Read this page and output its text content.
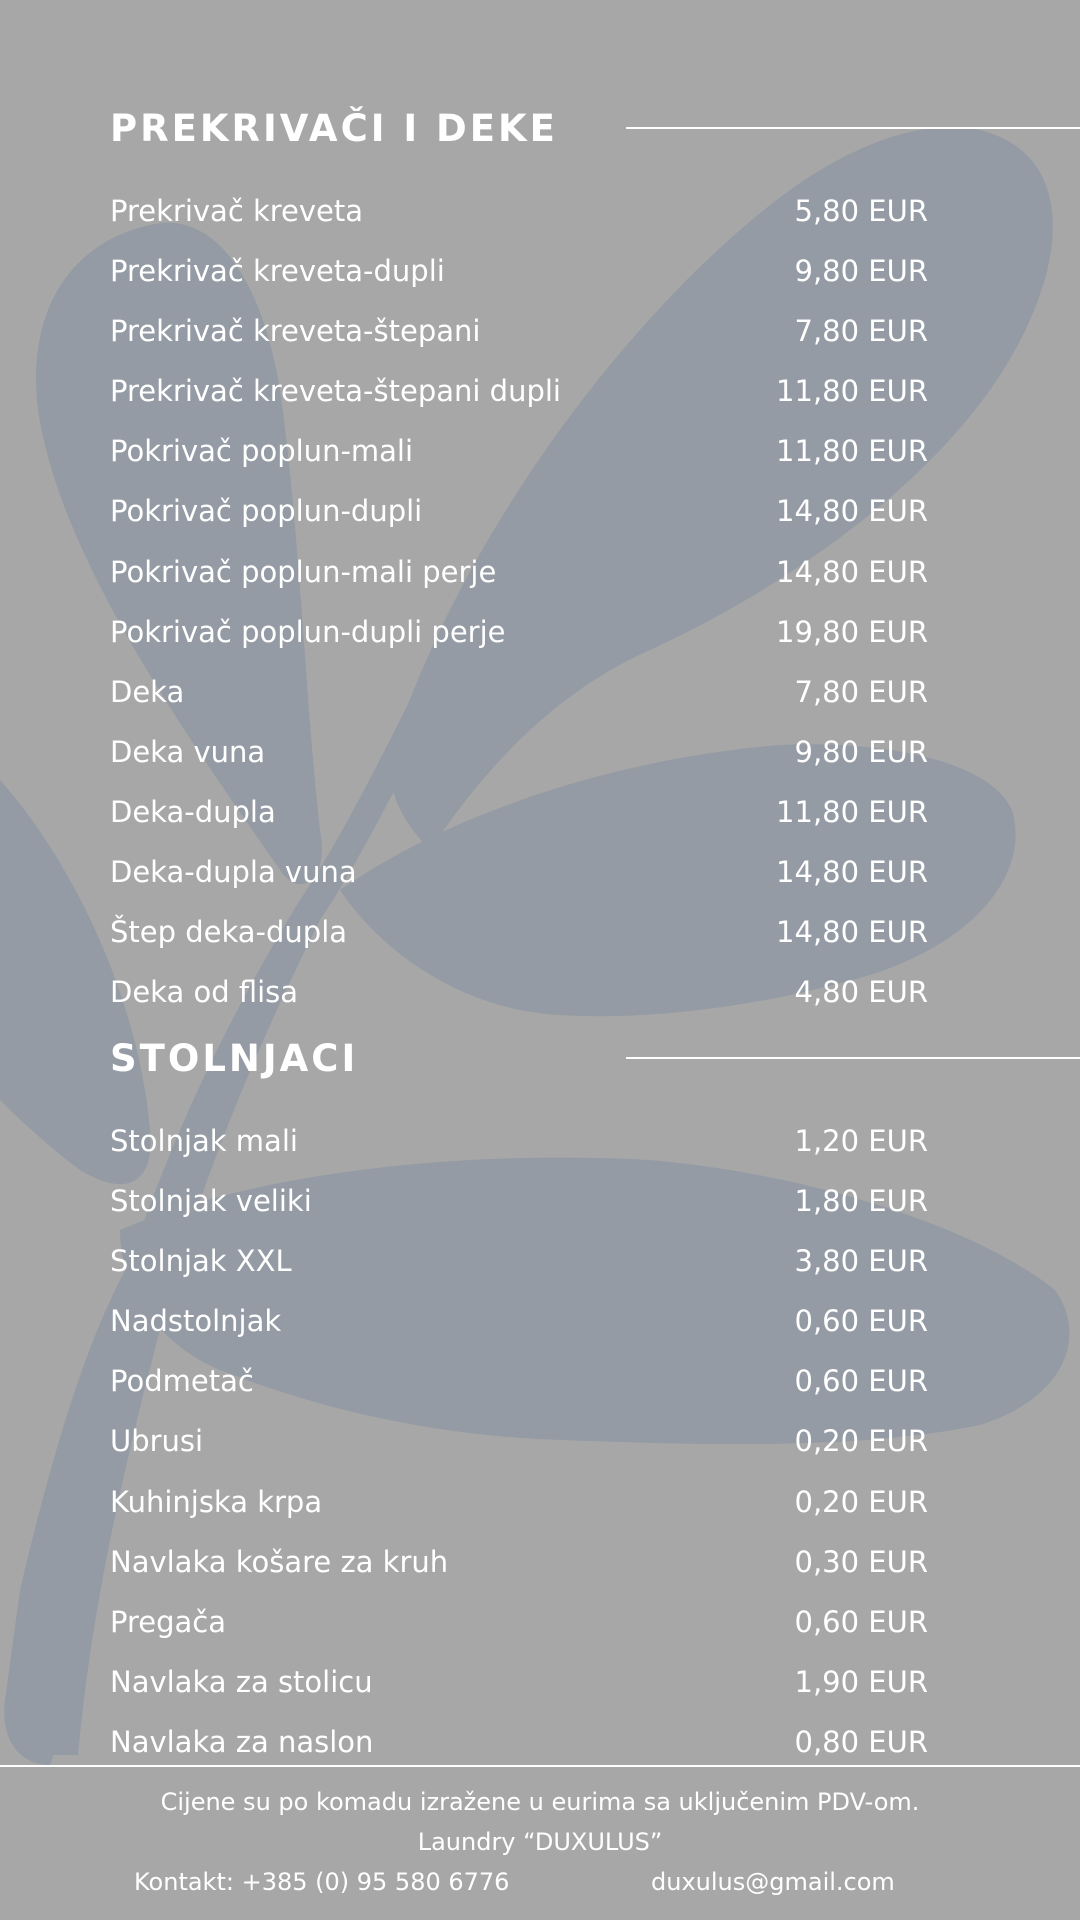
PREKRIVAČI I DEKE
Prekrivač kreveta	5,80 EUR
Prekrivač kreveta-dupli	9,80 EUR
Prekrivač kreveta-štepani	7,80 EUR
Prekrivač kreveta-štepani dupli	11,80 EUR
Pokrivač poplun-mali	11,80 EUR
Pokrivač poplun-dupli	14,80 EUR
Pokrivač poplun-mali perje	14,80 EUR
Pokrivač poplun-dupli perje	19,80 EUR
Deka	7,80 EUR
Deka vuna	9,80 EUR
Deka-dupla	11,80 EUR
Deka-dupla vuna	14,80 EUR
Štep deka-dupla	14,80 EUR
Deka od flisa	4,80 EUR
STOLNJACI
Stolnjak mali	1,20 EUR
Stolnjak veliki	1,80 EUR
Stolnjak XXL	3,80 EUR
Nadstolnjak	0,60 EUR
Podmetač	0,60 EUR
Ubrusi	0,20 EUR
Kuhinjska krpa	0,20 EUR
Navlaka košare za kruh	0,30 EUR
Pregača	0,60 EUR
Navlaka za stolicu	1,90 EUR
Navlaka za naslon	0,80 EUR
Cijene su po komadu izražene u eurima sa uključenim PDV-om.
Laundry “DUXULUS”
Kontakt: +385 (0) 95 580 6776	duxulus@gmail.com
